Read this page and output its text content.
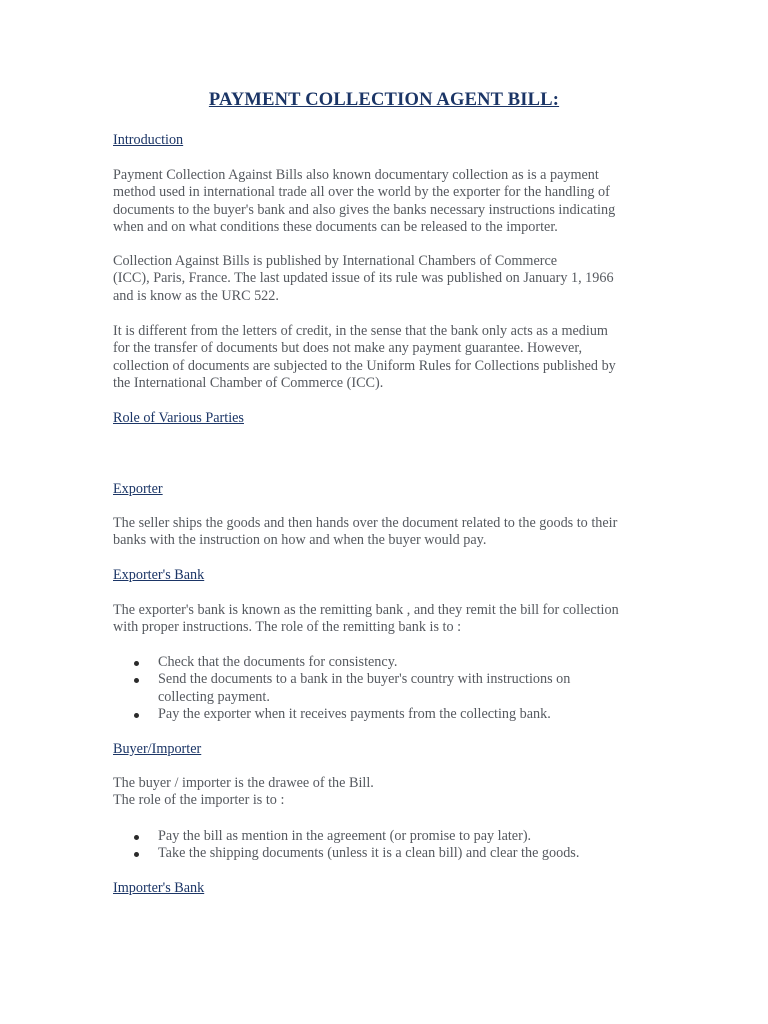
PAYMENT COLLECTION AGENT BILL:
Introduction
Payment Collection Against Bills also known documentary collection as is a payment
method used in international trade all over the world by the exporter for the handling of
documents to the buyer's bank and also gives the banks necessary instructions indicating
when and on what conditions these documents can be released to the importer.
Collection Against Bills is published by International Chambers of Commerce
(ICC), Paris, France. The last updated issue of its rule was published on January 1, 1966
and is know as the URC 522.
It is different from the letters of credit, in the sense that the bank only acts as a medium
for the transfer of documents but does not make any payment guarantee. However,
collection of documents are subjected to the Uniform Rules for Collections published by
the International Chamber of Commerce (ICC).
Role of Various Parties
Exporter
The seller ships the goods and then hands over the document related to the goods to their
banks with the instruction on how and when the buyer would pay.
Exporter's Bank
The exporter's bank is known as the remitting bank , and they remit the bill for collection
with proper instructions. The role of the remitting bank is to :
Check that the documents for consistency.
Send the documents to a bank in the buyer's country with instructions on
collecting payment.
Pay the exporter when it receives payments from the collecting bank.
Buyer/Importer
The buyer / importer is the drawee of the Bill.
The role of the importer is to :
Pay the bill as mention in the agreement (or promise to pay later).
Take the shipping documents (unless it is a clean bill) and clear the goods.
Importer's Bank
